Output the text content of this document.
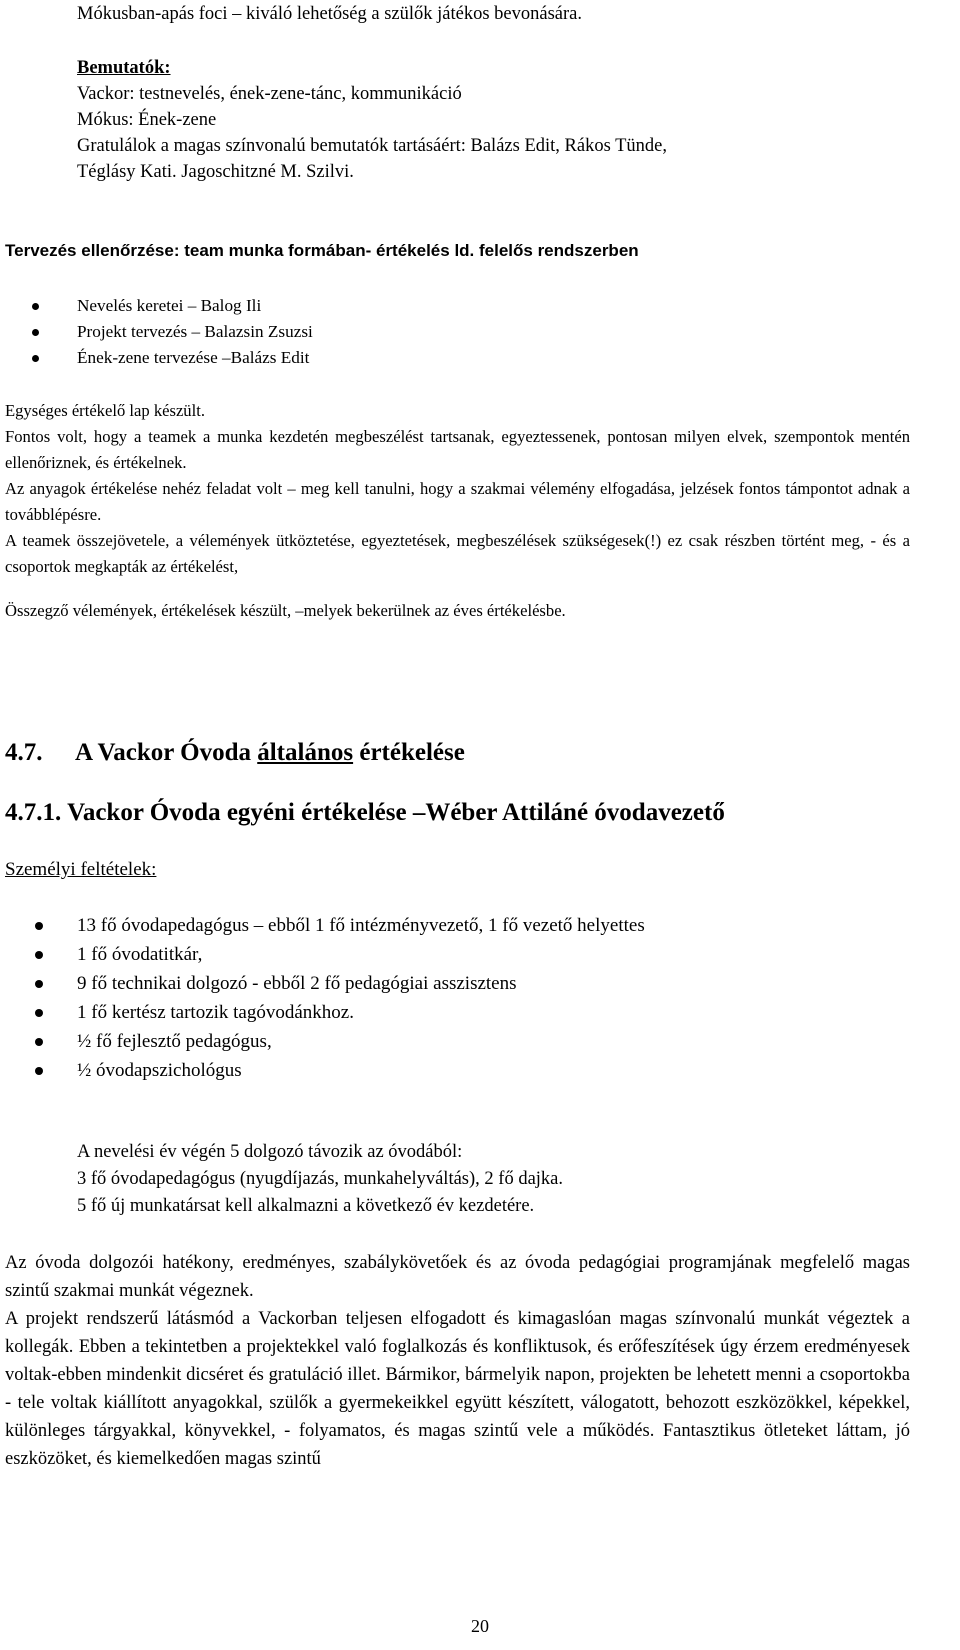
Mókusban-apás foci – kiváló lehetőség a szülők játékos bevonására.

Bemutatók:
Vackor: testnevelés, ének-zene-tánc, kommunikáció
Mókus: Ének-zene
Gratulálok a magas színvonalú bemutatók tartásáért: Balázs Edit, Rákos Tünde,
Téglásy Kati. Jagoschitzné M. Szilvi.
Tervezés ellenőrzése: team munka formában- értékelés ld. felelős rendszerben
Nevelés keretei – Balog Ili
Projekt tervezés – Balazsin Zsuzsi
Ének-zene tervezése –Balázs Edit
Egységes értékelő lap készült.
Fontos volt, hogy a teamek a munka kezdetén megbeszélést tartsanak, egyeztessenek, pontosan milyen elvek, szempontok mentén ellenőriznek, és értékelnek.
Az anyagok értékelése nehéz feladat volt – meg kell tanulni, hogy a szakmai vélemény elfogadása, jelzések fontos támpontot adnak a továbblépésre.
A teamek összejövetele, a vélemények ütköztetése, egyeztetések, megbeszélések szükségesek(!) ez csak részben történt meg, - és a csoportok megkapták az értékelést,

Összegző vélemények, értékelések készült, –melyek bekerülnek az éves értékelésbe.

4.7. A Vackor Óvoda általános értékelése
4.7.1. Vackor Óvoda egyéni értékelése –Wéber Attiláné óvodavezető
Személyi feltételek:
13 fő óvodapedagógus – ebből 1 fő intézményvezető, 1 fő vezető helyettes
1 fő óvodatitkár,
9 fő technikai dolgozó - ebből 2 fő pedagógiai asszisztens
1 fő kertész tartozik tagóvodánkhoz.
½ fő fejlesztő pedagógus,
½ óvodapszichológus
A nevelési év végén 5 dolgozó távozik az óvodából:
3 fő óvodapedagógus (nyugdíjazás, munkahelyváltás), 2 fő dajka.
5 fő új munkatársat kell alkalmazni a következő év kezdetére.
Az óvoda dolgozói hatékony, eredményes, szabálykövetőek és az óvoda pedagógiai programjának megfelelő magas szintű szakmai munkát végeznek.
A projekt rendszerű látásmód a Vackorban teljesen elfogadott és kimagaslóan magas színvonalú munkát végeztek a kollegák. Ebben a tekintetben a projektekkel való foglalkozás és konfliktusok, és erőfeszítések úgy érzem eredményesek voltak-ebben mindenkit dicséret és gratuláció illet. Bármikor, bármelyik napon, projekten be lehetett menni a csoportokba - tele voltak kiállított anyagokkal, szülők a gyermekeikkel együtt készített, válogatott, behozott eszközökkel, képekkel, különleges tárgyakkal, könyvekkel, - folyamatos, és magas szintű vele a működés. Fantasztikus ötleteket láttam, jó eszközöket, és kiemelkedően magas szintű
20
